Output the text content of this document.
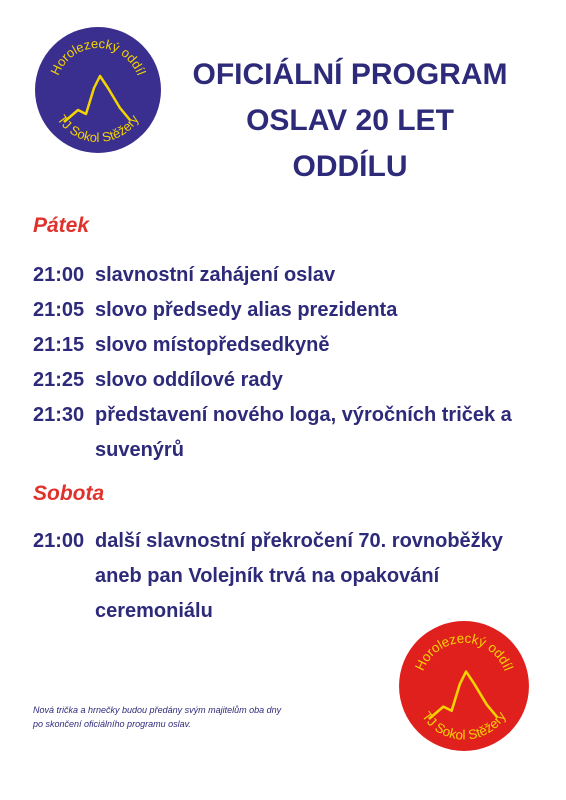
Horolezecký oddíl
TJ Sokol Stěžery
OFICIÁLNÍ PROGRAM
OSLAV 20 LET
ODDÍLU
Pátek
21:00 slavnostní zahájení oslav
21:05 slovo předsedy alias prezidenta
21:15 slovo místopředsedkyně
21:25 slovo oddílové rady
21:30 představení nového loga, výročních triček a suvenýrů
Sobota
21:00 další slavnostní překročení 70. rovnoběžky aneb pan Volejník trvá na opakování ceremoniálu
Nová trička a hrnečky budou předány svým majitelům oba dny
po skončení oficiálního programu oslav.
Horolezecký oddíl
TJ Sokol Stěžery
